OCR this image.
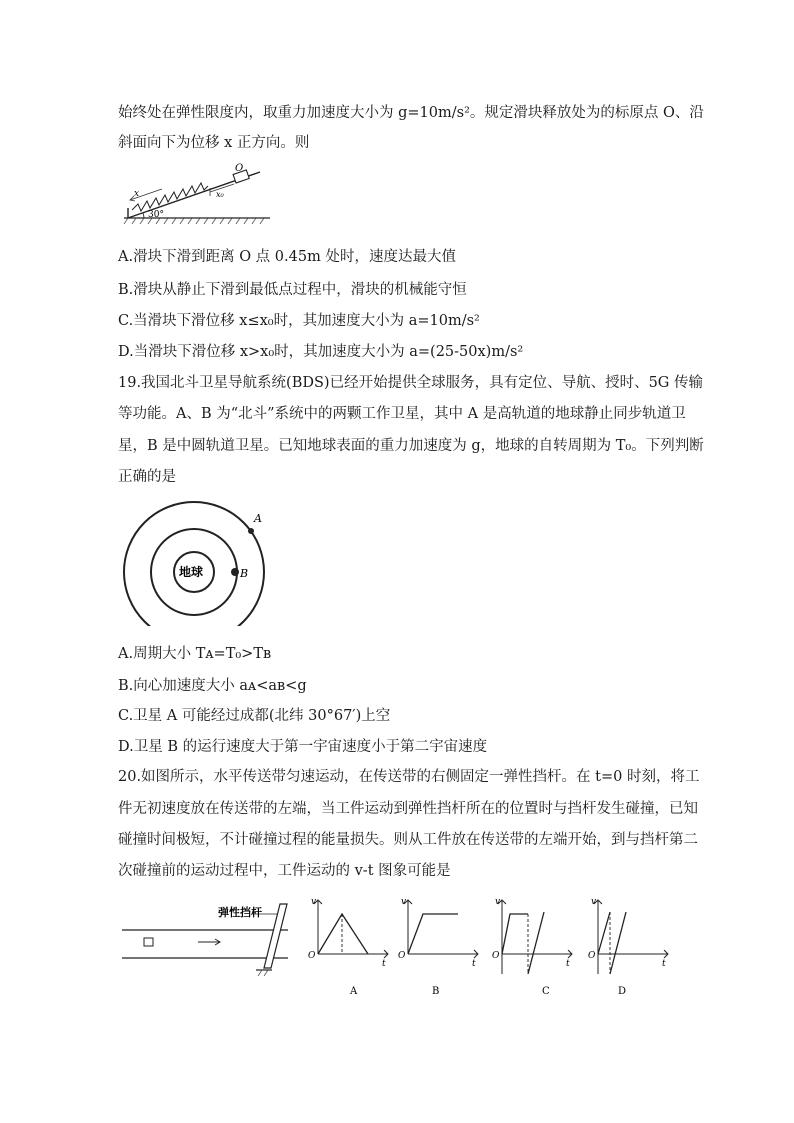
始终处在弹性限度内，取重力加速度大小为 g=10m/s²。规定滑块释放处为的标原点 O、沿
斜面向下为位移 x 正方向。则
O
x	x₀
30°
A.滑块下滑到距离 O 点 0.45m 处时，速度达最大值
B.滑块从静止下滑到最低点过程中，滑块的机械能守恒
C.当滑块下滑位移 x≤x₀时，其加速度大小为 a=10m/s²
D.当滑块下滑位移 x>x₀时，其加速度大小为 a=(25-50x)m/s²
19.我国北斗卫星导航系统(BDS)已经开始提供全球服务，具有定位、导航、授时、5G 传输
等功能。A、B 为“北斗”系统中的两颗工作卫星，其中 A 是高轨道的地球静止同步轨道卫
星，B 是中圆轨道卫星。已知地球表面的重力加速度为 g，地球的自转周期为 T₀。下列判断
正确的是
地球
A
B
A.周期大小 Tᴀ=T₀>Tʙ
B.向心加速度大小 aᴀ<aʙ<g
C.卫星 A 可能经过成都(北纬 30°67′)上空
D.卫星 B 的运行速度大于第一宇宙速度小于第二宇宙速度
20.如图所示，水平传送带匀速运动，在传送带的右侧固定一弹性挡杆。在 t=0 时刻，将工
件无初速度放在传送带的左端，当工件运动到弹性挡杆所在的位置时与挡杆发生碰撞，已知
碰撞时间极短，不计碰撞过程的能量损失。则从工件放在传送带的左端开始，到与挡杆第二
次碰撞前的运动过程中，工件运动的 v-t 图象可能是
弹性挡杆
v
t
O
A
v
t
O
B
v
t
O
C
v
t
O
D
